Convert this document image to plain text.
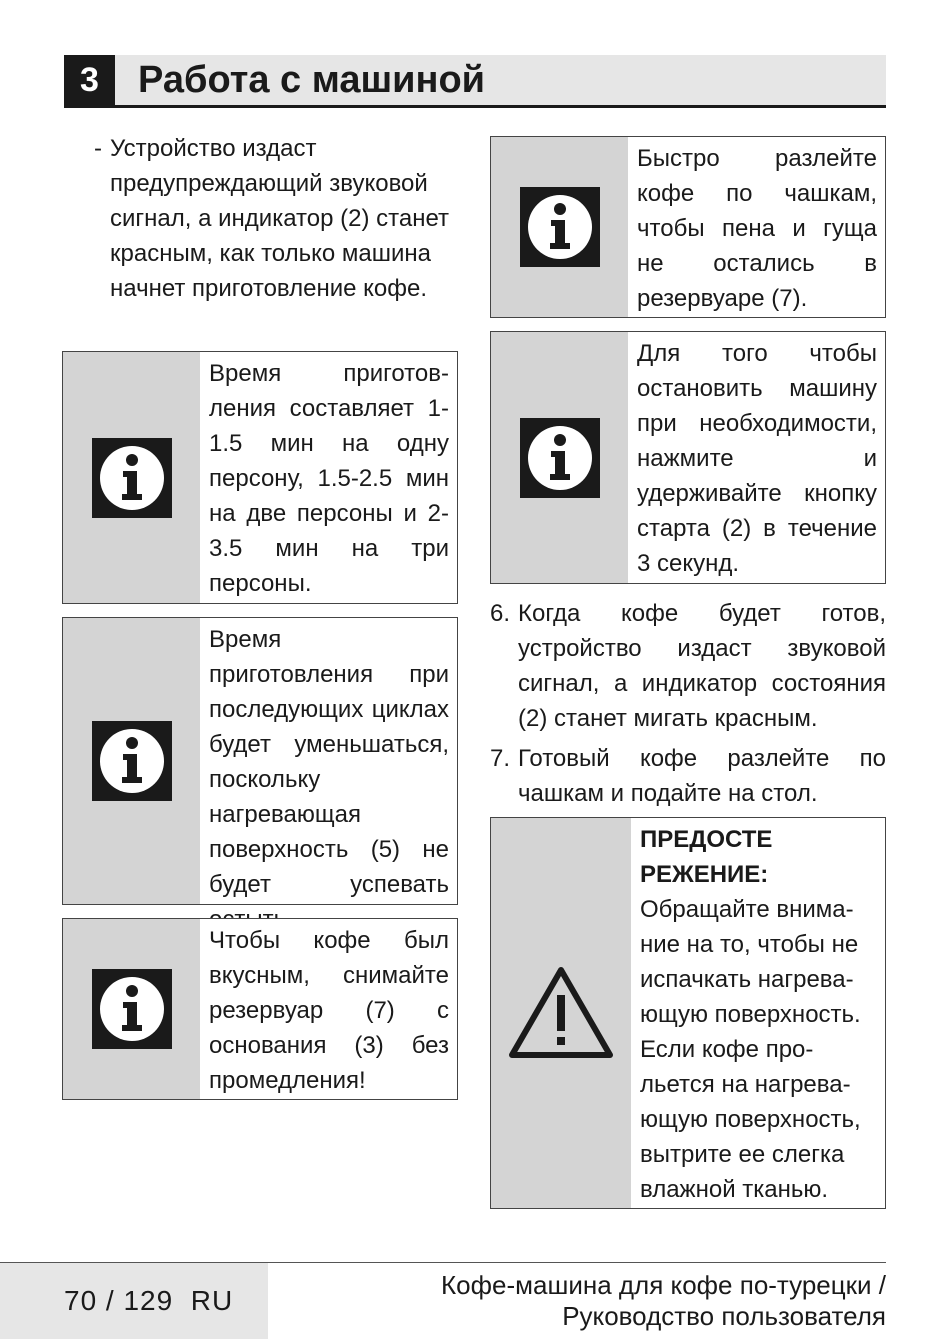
3	Работа с машиной
- Устройство издаст предупреждающий звуковой сигнал, а индикатор (2) станет красным, как только машина начнет приготовление кофе.
Время приготов-ления составляет 1-1.5 мин на одну персону, 1.5-2.5 мин на две персоны и 2-3.5 мин на три персоны.
Время приготовления при последующих циклах будет уменьшаться, поскольку нагревающая поверхность (5) не будет успевать
Чтобы кофе был вкусным, снимайте резервуар (7) с основания (3) без промедления!
Быстро разлейте кофе по чашкам, чтобы пена и гуща не остались в резервуаре (7).
Для того чтобы остановить машину при необходимости, нажмите и удерживайте кнопку старта (2) в течение 3 секунд.
6. Когда кофе будет готов, устройство издаст звуковой сигнал, а индикатор состояния (2) станет мигать красным.
7. Готовый кофе разлейте по чашкам и подайте на стол.
ПРЕДОСТЕ РЕЖЕНИЕ:
Обращайте внима-ние на то, чтобы не испачкать нагрева-ющую поверхность. Если кофе про-льется на нагрева-ющую поверхность, вытрите ее слегка влажной тканью.
70 / 129  RU	Кофе-машина для кофе по-турецки /
Руководство пользователя
